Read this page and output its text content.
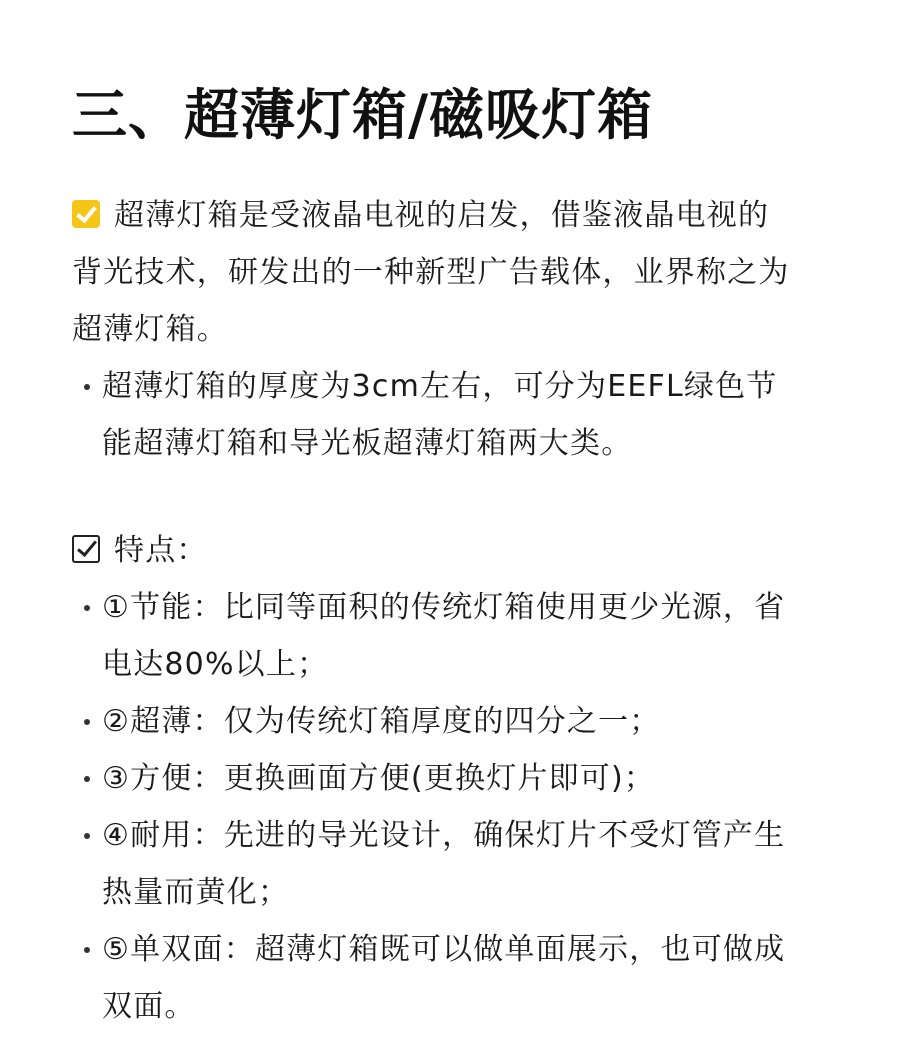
三、超薄灯箱/磁吸灯箱
超薄灯箱是受液晶电视的启发，借鉴液晶电视的
背光技术，研发出的一种新型广告载体，业界称之为
超薄灯箱。
超薄灯箱的厚度为3cm左右，可分为EEFL绿色节
能超薄灯箱和导光板超薄灯箱两大类。
特点：
①节能：比同等面积的传统灯箱使用更少光源，省
电达80%以上；
②超薄：仅为传统灯箱厚度的四分之一；
③方便：更换画面方便(更换灯片即可)；
④耐用：先进的导光设计，确保灯片不受灯管产生
热量而黄化；
⑤单双面：超薄灯箱既可以做单面展示，也可做成
双面。
